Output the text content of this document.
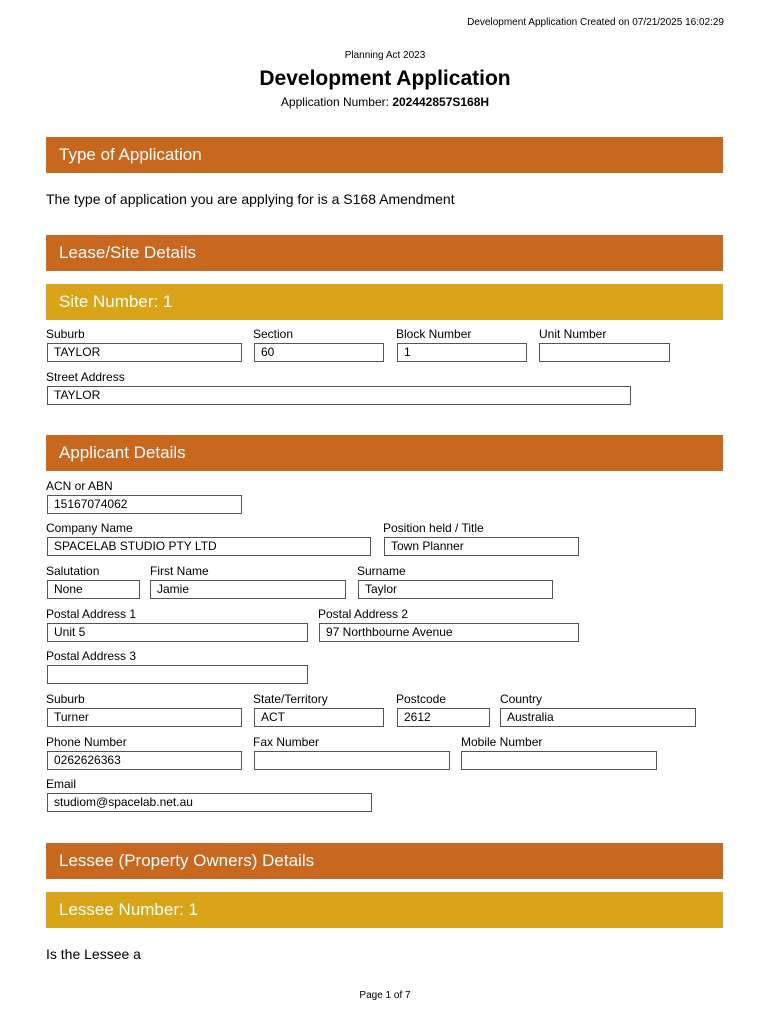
Development Application Created on 07/21/2025 16:02:29
Planning Act 2023
Development Application
Application Number: 202442857S168H
Type of Application
The type of application you are applying for is a S168 Amendment
Lease/Site Details
Site Number: 1
Suburb
TAYLOR
Section
60
Block Number
1
Unit Number
Street Address
TAYLOR
Applicant Details
ACN or ABN
15167074062
Company Name
SPACELAB STUDIO PTY LTD
Position held / Title
Town Planner
Salutation
None
First Name
Jamie
Surname
Taylor
Postal Address 1
Unit 5
Postal Address 2
97 Northbourne Avenue
Postal Address 3
Suburb
Turner
State/Territory
ACT
Postcode
2612
Country
Australia
Phone Number
0262626363
Fax Number	Mobile Number
Email
studiom@spacelab.net.au
Lessee (Property Owners) Details
Lessee Number: 1
Is the Lessee a
Page 1 of 7
